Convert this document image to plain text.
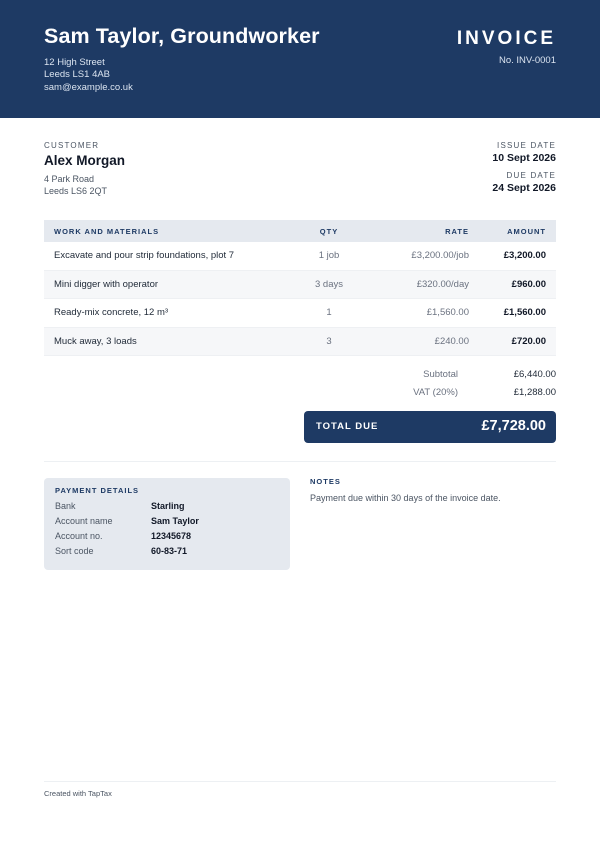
Sam Taylor, Groundworker
12 High Street
Leeds LS1 4AB
sam@example.co.uk
INVOICE
No. INV-0001
CUSTOMER
Alex Morgan
4 Park Road
Leeds LS6 2QT
ISSUE DATE
10 Sept 2026
DUE DATE
24 Sept 2026
WORK AND MATERIALS	QTY	RATE	AMOUNT
Excavate and pour strip foundations, plot 7	1 job	£3,200.00/job	£3,200.00
Mini digger with operator	3 days	£320.00/day	£960.00
Ready-mix concrete, 12 m³	1	£1,560.00	£1,560.00
Muck away, 3 loads	3	£240.00	£720.00
Subtotal	£6,440.00
VAT (20%)	£1,288.00
TOTAL DUE	£7,728.00
PAYMENT DETAILS
Bank	Starling
Account name	Sam Taylor
Account no.	12345678
Sort code	60-83-71
NOTES
Payment due within 30 days of the invoice date.
Created with TapTax
